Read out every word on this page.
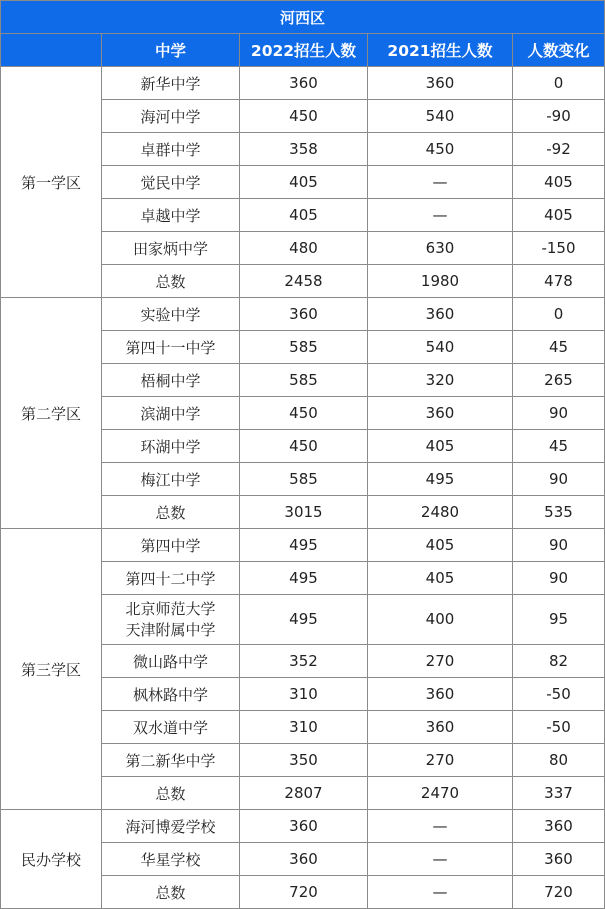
河西区				
	中学	2022招生人数	2021招生人数	人数变化
第一学区	新华中学	360	360	0
	海河中学	450	540	-90
	卓群中学	358	450	-92
	觉民中学	405	—	405
	卓越中学	405	—	405
	田家炳中学	480	630	-150
	总数	2458	1980	478
第二学区	实验中学	360	360	0
	第四十一中学	585	540	45
	梧桐中学	585	320	265
	滨湖中学	450	360	90
	环湖中学	450	405	45
	梅江中学	585	495	90
	总数	3015	2480	535
第三学区	第四中学	495	405	90
	第四十二中学	495	405	90
	北京师范大学
天津附属中学	495	400	95
	微山路中学	352	270	82
	枫林路中学	310	360	-50
	双水道中学	310	360	-50
	第二新华中学	350	270	80
	总数	2807	2470	337
民办学校	海河博爱学校	360	—	360
	华星学校	360	—	360
	总数	720	—	720
